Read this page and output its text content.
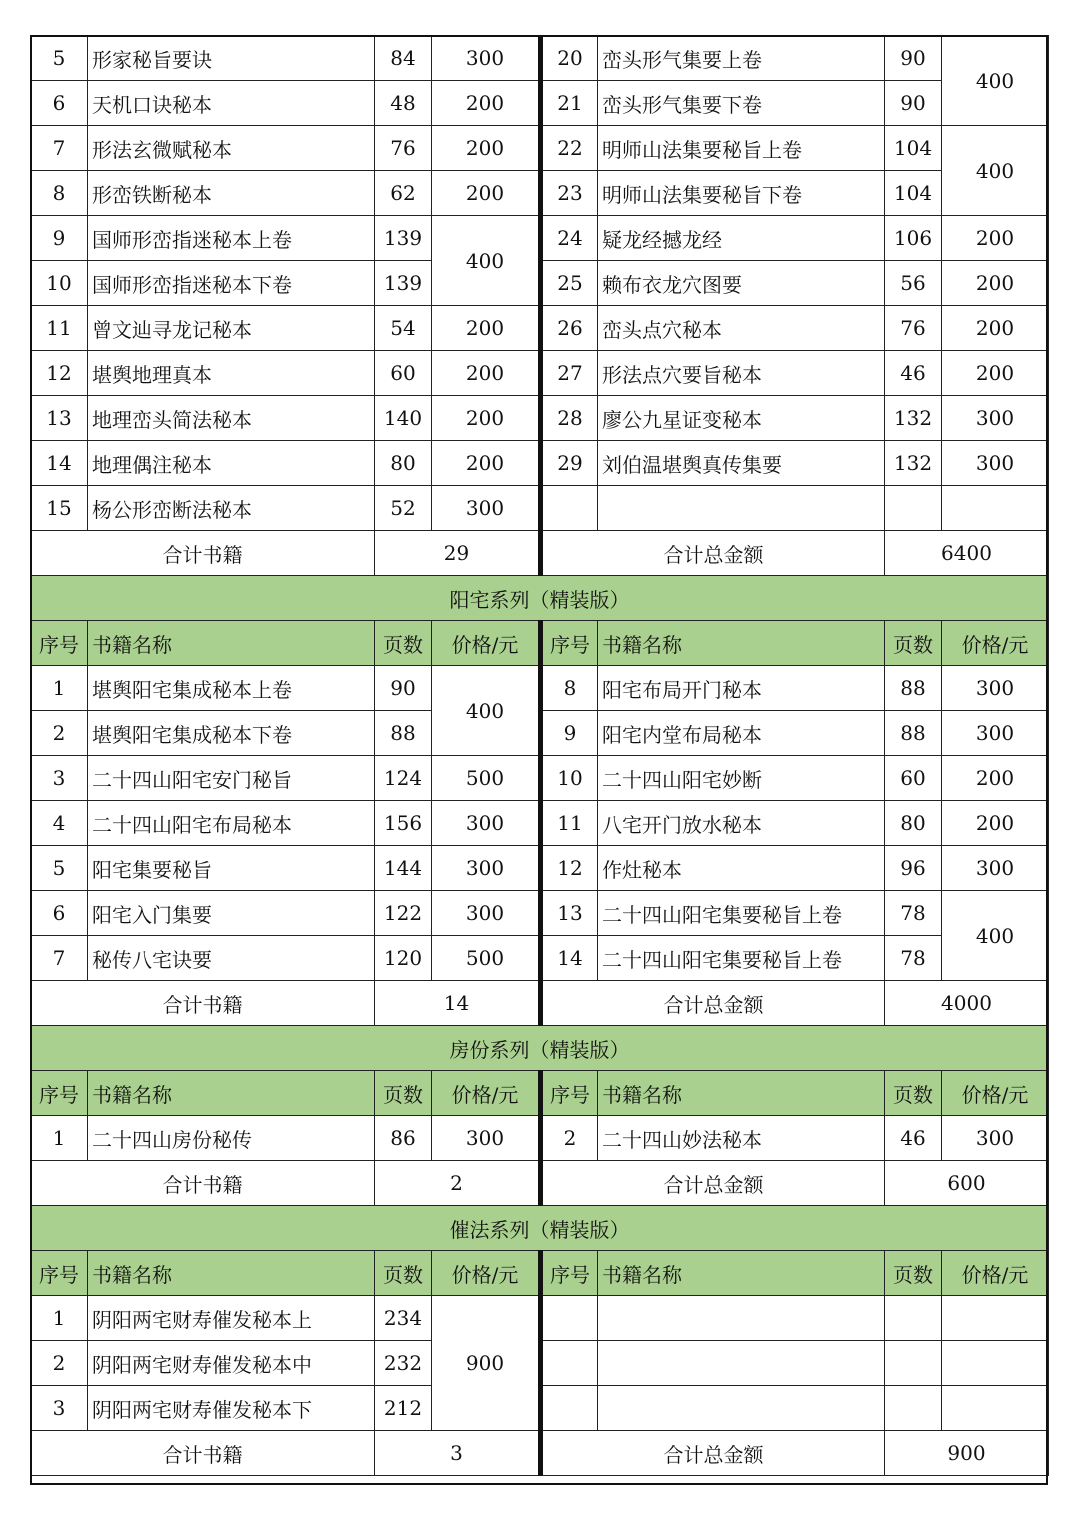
5	形家秘旨要诀	84	300	20	峦头形气集要上卷	90	400
6	天机口诀秘本	48	200	21	峦头形气集要下卷	90	
7	形法玄微赋秘本	76	200	22	明师山法集要秘旨上卷	104	400
8	形峦铁断秘本	62	200	23	明师山法集要秘旨下卷	104	
9	国师形峦指迷秘本上卷	139	400	24	疑龙经撼龙经	106	200
10	国师形峦指迷秘本下卷	139		25	赖布衣龙穴图要	56	200
11	曾文辿寻龙记秘本	54	200	26	峦头点穴秘本	76	200
12	堪舆地理真本	60	200	27	形法点穴要旨秘本	46	200
13	地理峦头简法秘本	140	200	28	廖公九星证变秘本	132	300
14	地理偶注秘本	80	200	29	刘伯温堪舆真传集要	132	300
15	杨公形峦断法秘本	52	300				
合计书籍		29		合计总金额		6400	
阳宅系列（精装版）							
序号	书籍名称	页数	价格/元	序号	书籍名称	页数	价格/元
1	堪舆阳宅集成秘本上卷	90	400	8	阳宅布局开门秘本	88	300
2	堪舆阳宅集成秘本下卷	88		9	阳宅内堂布局秘本	88	300
3	二十四山阳宅安门秘旨	124	500	10	二十四山阳宅妙断	60	200
4	二十四山阳宅布局秘本	156	300	11	八宅开门放水秘本	80	200
5	阳宅集要秘旨	144	300	12	作灶秘本	96	300
6	阳宅入门集要	122	300	13	二十四山阳宅集要秘旨上卷	78	400
7	秘传八宅诀要	120	500	14	二十四山阳宅集要秘旨上卷	78	
合计书籍		14		合计总金额		4000	
房份系列（精装版）							
序号	书籍名称	页数	价格/元	序号	书籍名称	页数	价格/元
1	二十四山房份秘传	86	300	2	二十四山妙法秘本	46	300
合计书籍		2		合计总金额		600	
催法系列（精装版）							
序号	书籍名称	页数	价格/元	序号	书籍名称	页数	价格/元
1	阴阳两宅财寿催发秘本上	234	900				
2	阴阳两宅财寿催发秘本中	232					
3	阴阳两宅财寿催发秘本下	212					
合计书籍		3		合计总金额		900	
